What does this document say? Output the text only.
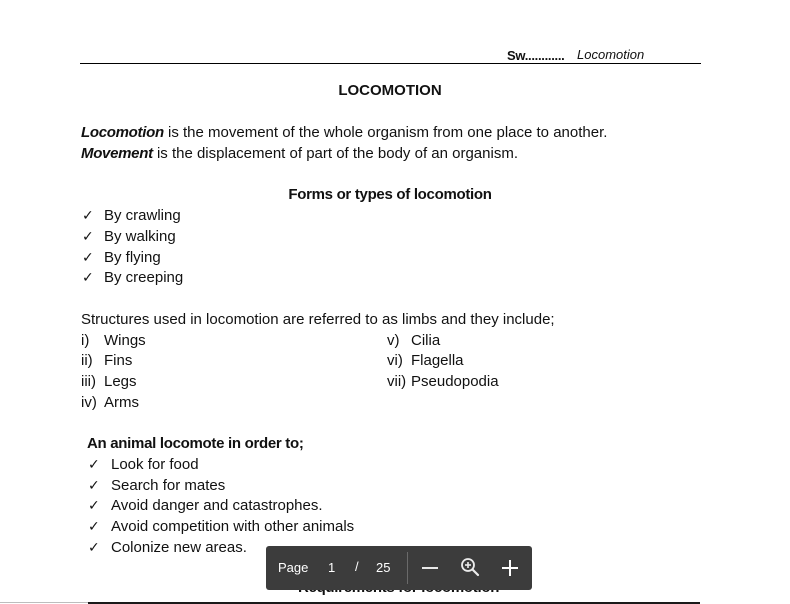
Sw............ Locomotion
LOCOMOTION
Locomotion is the movement of the whole organism from one place to another.
Movement is the displacement of part of the body of an organism.
Forms or types of locomotion
✓ By crawling
✓ By walking
✓ By flying
✓ By creeping
Structures used in locomotion are referred to as limbs and they include;
i) Wings
ii) Fins
iii) Legs
iv) Arms
v) Cilia
vi) Flagella
vii) Pseudopodia
An animal locomote in order to;
✓ Look for food
✓ Search for mates
✓ Avoid danger and catastrophes.
✓ Avoid competition with other animals
✓ Colonize new areas.
Page 1 / 25
